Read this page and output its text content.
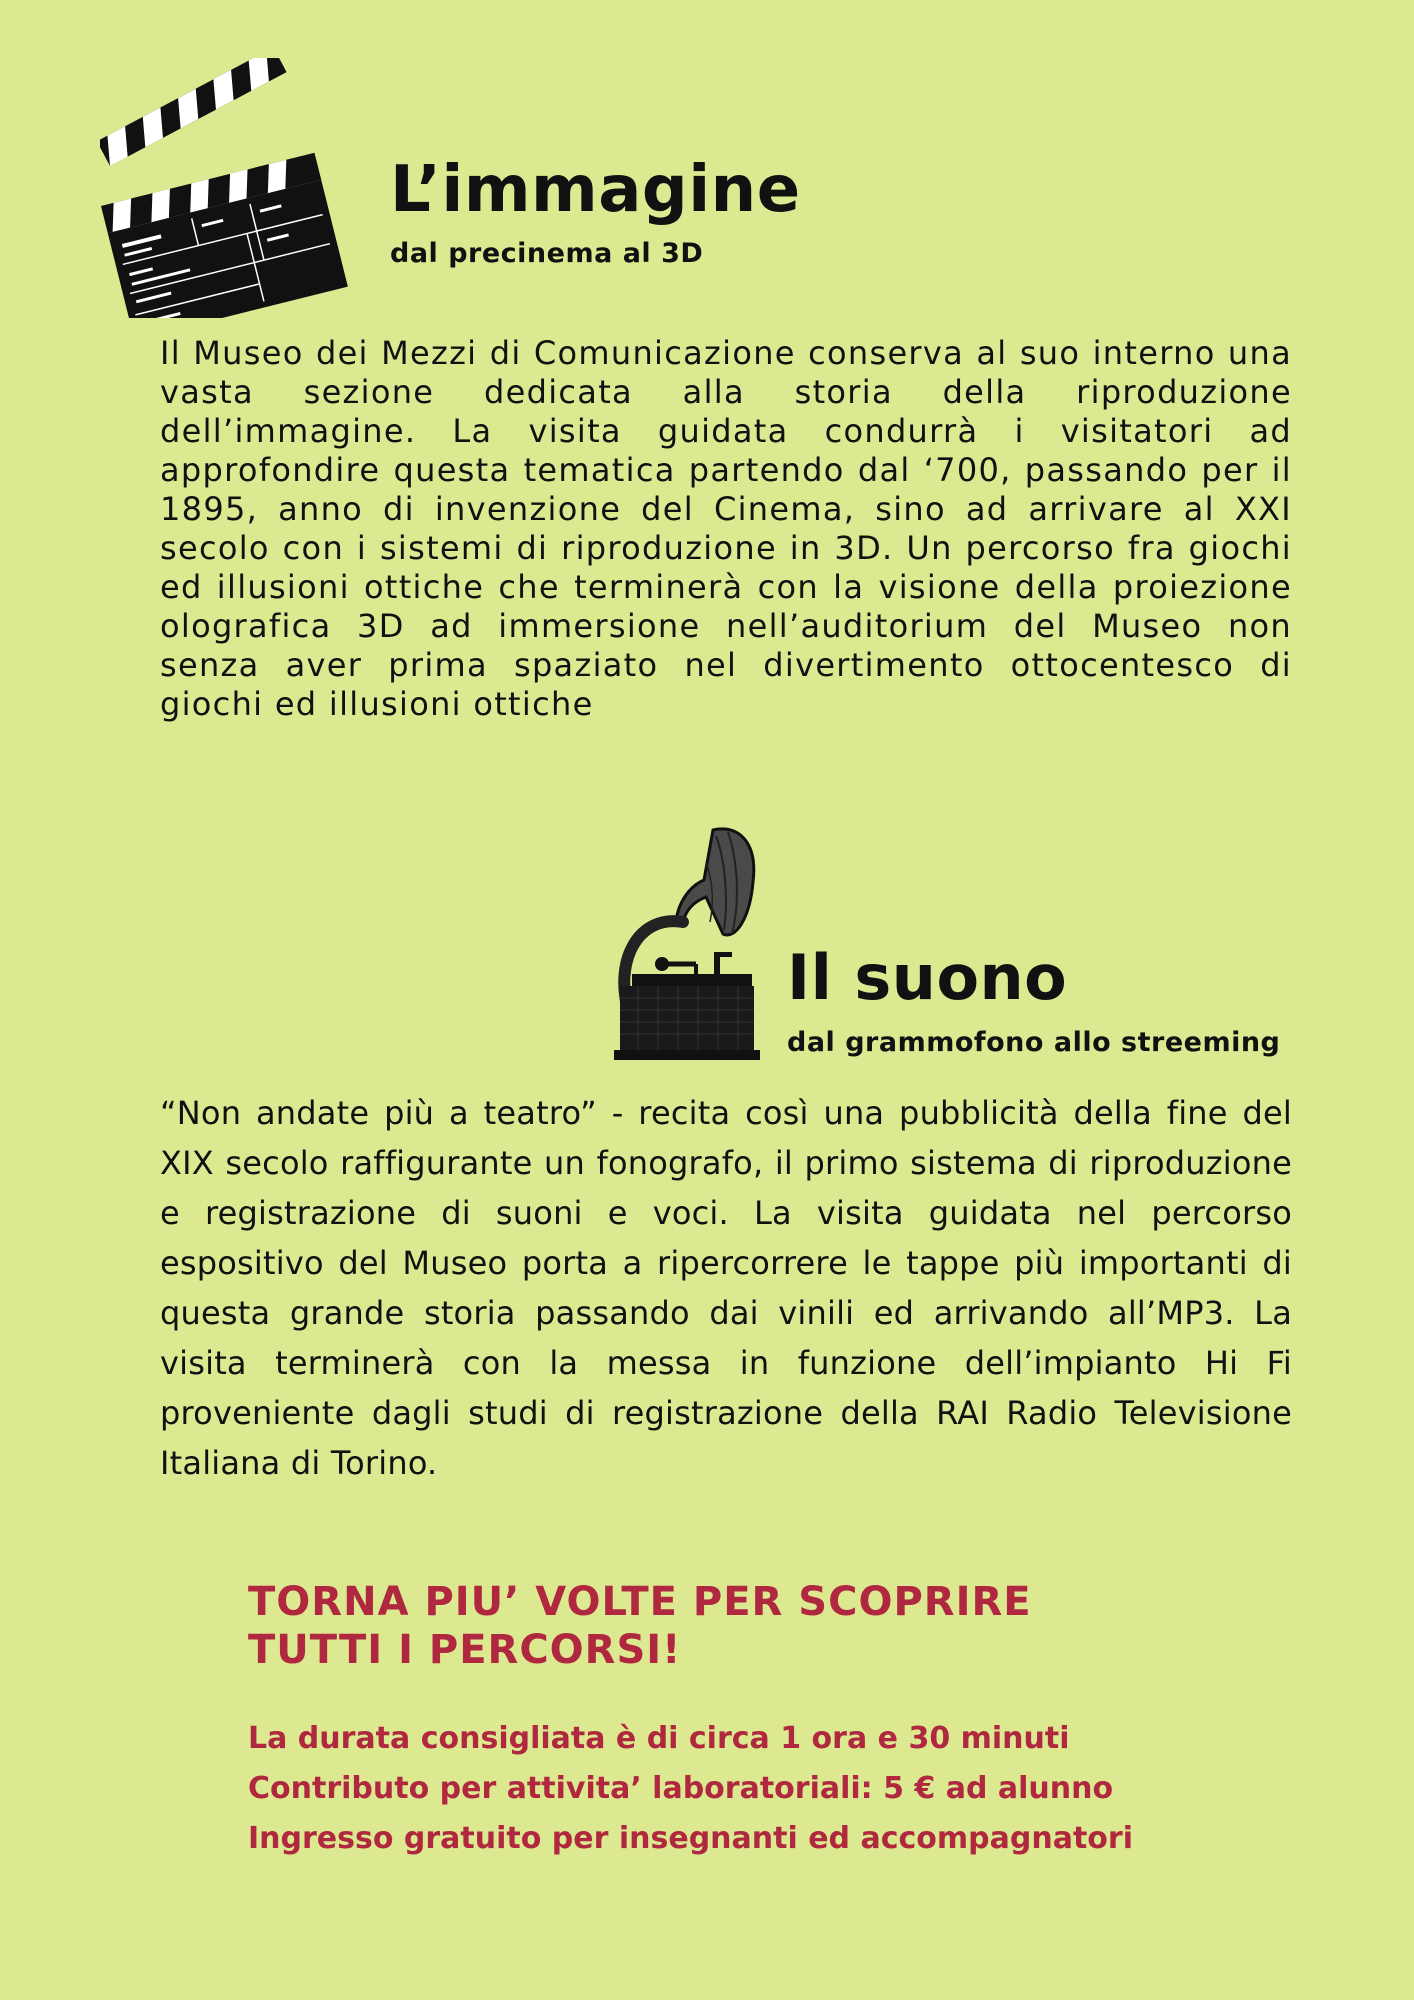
L’immagine
dal precinema al 3D

Il Museo dei Mezzi di Comunicazione conserva al suo interno una vasta sezione dedicata alla storia della riproduzione dell’immagine. La visita guidata condurrà i visitatori ad approfondire questa tematica partendo dal ‘700, passando per il 1895, anno di invenzione del Cinema, sino ad arrivare al XXI secolo con i sistemi di riproduzione in 3D. Un percorso fra giochi ed illusioni ottiche che terminerà con la visione della proiezione olografica 3D ad immersione nell’auditorium del Museo non senza aver prima spaziato nel divertimento ottocentesco di giochi ed illusioni ottiche

Il suono
dal grammofono allo streeming

“Non andate più a teatro” - recita così una pubblicità della fine del XIX secolo raffigurante un fonografo, il primo sistema di riproduzione e registrazione di suoni e voci. La visita guidata nel percorso espositivo del Museo porta a ripercorrere le tappe più importanti di questa grande storia passando dai vinili ed arrivando all’MP3. La visita terminerà con la messa in funzione dell’impianto Hi Fi proveniente dagli studi di registrazione della RAI Radio Televisione Italiana di Torino.

TORNA PIU’ VOLTE PER SCOPRIRE
TUTTI I PERCORSI!

La durata consigliata è di circa 1 ora e 30 minuti
Contributo per attivita’ laboratoriali: 5 € ad alunno
Ingresso gratuito per insegnanti ed accompagnatori
